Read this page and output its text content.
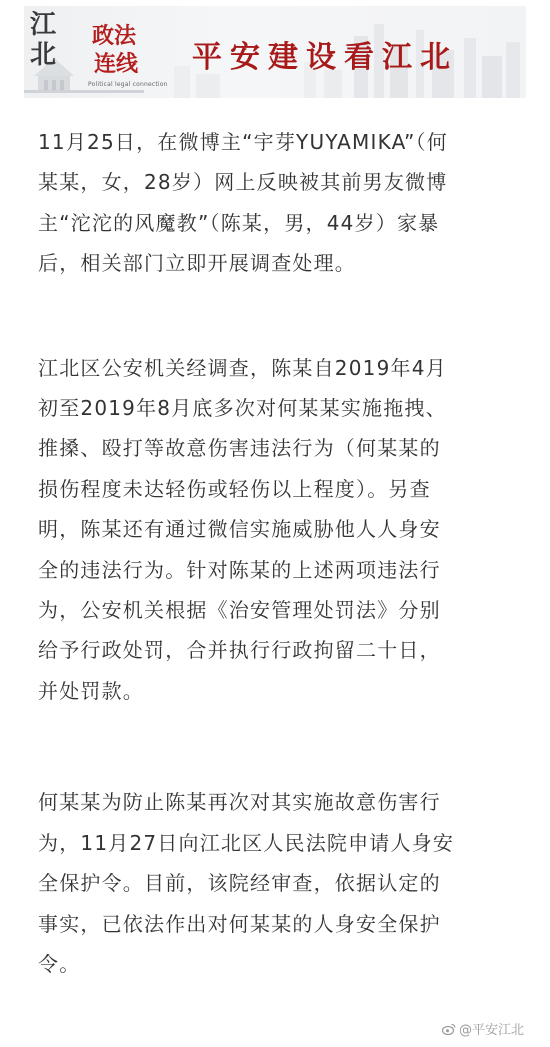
江
北
政法
连线
Political legal connection
平安建设看江北

11月25日，在微博主“宇芽YUYAMIKA”（何
某某，女，28岁）网上反映被其前男友微博
主“沱沱的风魔教”（陈某，男，44岁）家暴
后，相关部门立即开展调查处理。

江北区公安机关经调查，陈某自2019年4月
初至2019年8月底多次对何某某实施拖拽、
推搡、殴打等故意伤害违法行为（何某某的
损伤程度未达轻伤或轻伤以上程度）。另查
明，陈某还有通过微信实施威胁他人人身安
全的违法行为。针对陈某的上述两项违法行
为，公安机关根据《治安管理处罚法》分别
给予行政处罚，合并执行行政拘留二十日，
并处罚款。

何某某为防止陈某再次对其实施故意伤害行
为，11月27日向江北区人民法院申请人身安
全保护令。目前，该院经审查，依据认定的
事实，已依法作出对何某某的人身安全保护
令。

@平安江北
